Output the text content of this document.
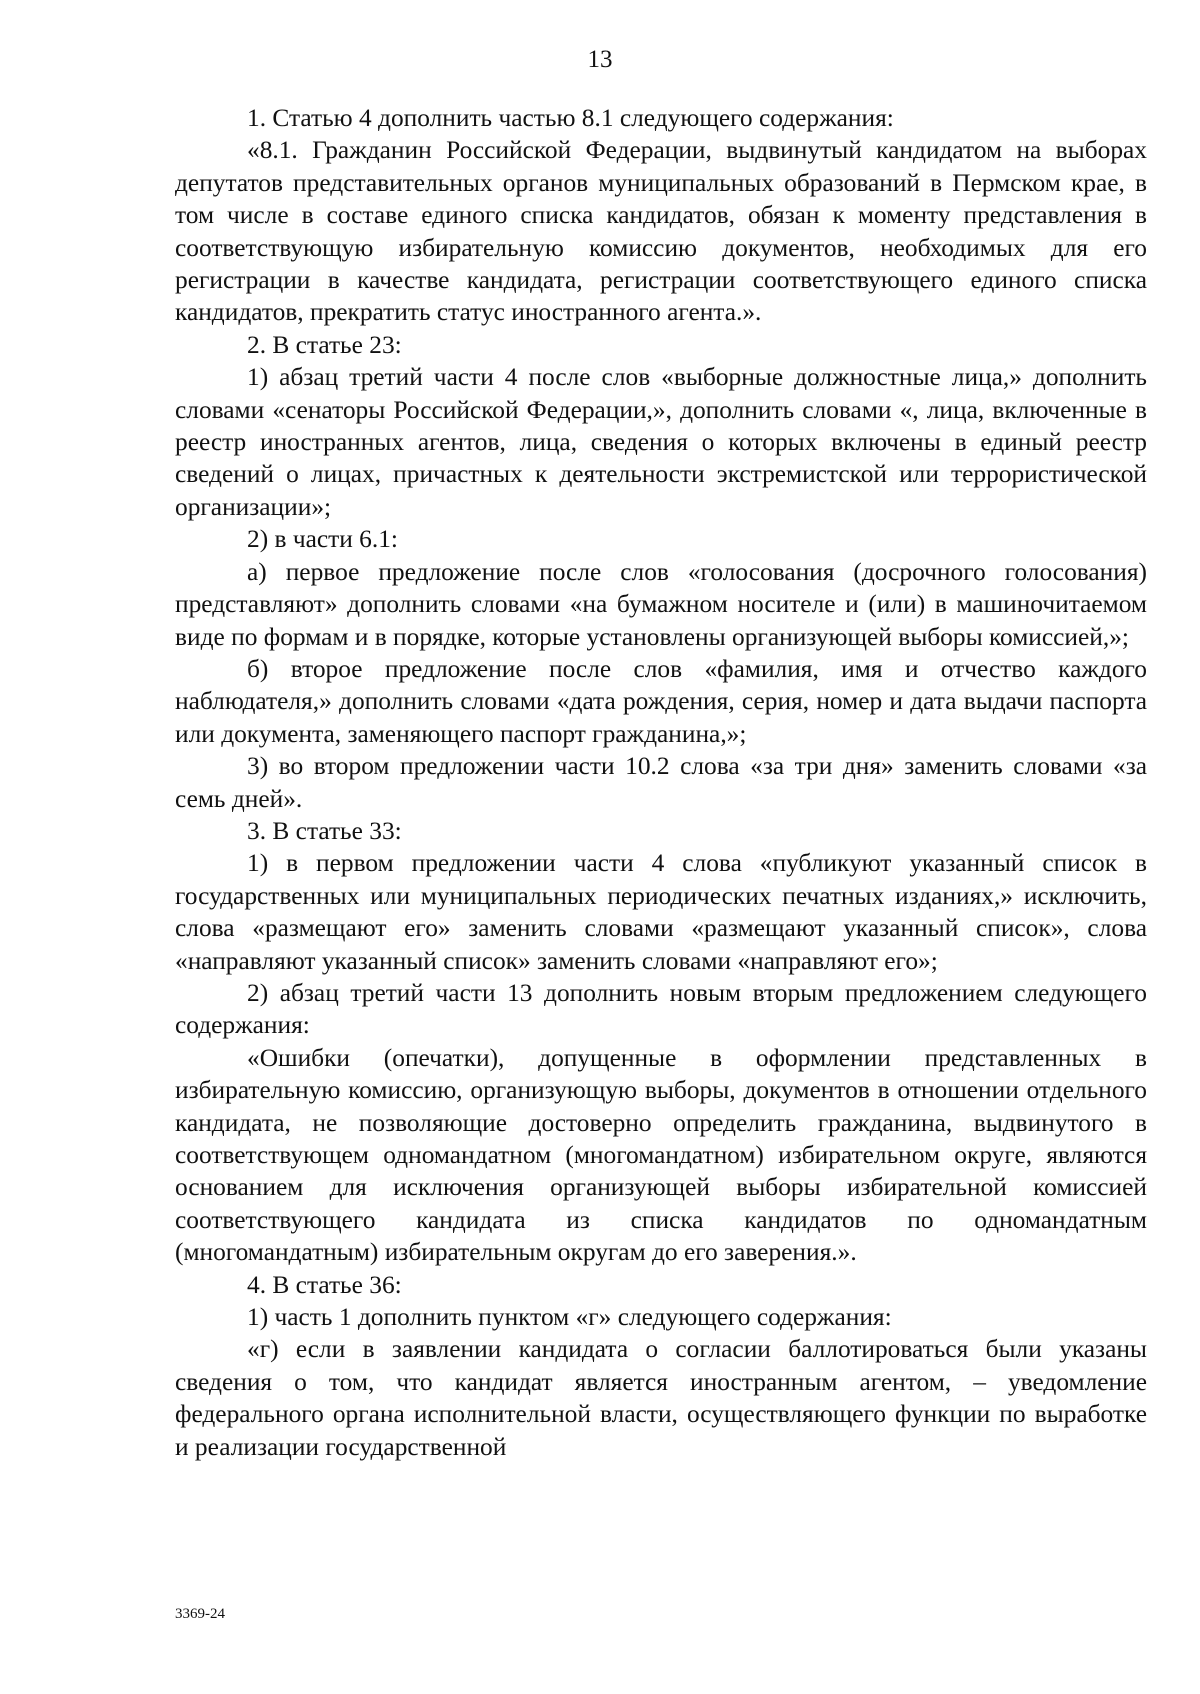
13

1. Статью 4 дополнить частью 8.1 следующего содержания:

«8.1. Гражданин Российской Федерации, выдвинутый кандидатом на выборах депутатов представительных органов муниципальных образований в Пермском крае, в том числе в составе единого списка кандидатов, обязан к моменту представления в соответствующую избирательную комиссию документов, необходимых для его регистрации в качестве кандидата, регистрации соответствующего единого списка кандидатов, прекратить статус иностранного агента.».

2. В статье 23:

1) абзац третий части 4 после слов «выборные должностные лица,» дополнить словами «сенаторы Российской Федерации,», дополнить словами «, лица, включенные в реестр иностранных агентов, лица, сведения о которых включены в единый реестр сведений о лицах, причастных к деятельности экстремистской или террористической организации»;

2) в части 6.1:

а) первое предложение после слов «голосования (досрочного голосования) представляют» дополнить словами «на бумажном носителе и (или) в машиночитаемом виде по формам и в порядке, которые установлены организующей выборы комиссией,»;

б) второе предложение после слов «фамилия, имя и отчество каждого наблюдателя,» дополнить словами «дата рождения, серия, номер и дата выдачи паспорта или документа, заменяющего паспорт гражданина,»;

3) во втором предложении части 10.2 слова «за три дня» заменить словами «за семь дней».

3. В статье 33:

1) в первом предложении части 4 слова «публикуют указанный список в государственных или муниципальных периодических печатных изданиях,» исключить, слова «размещают его» заменить словами «размещают указанный список», слова «направляют указанный список» заменить словами «направляют его»;

2) абзац третий части 13 дополнить новым вторым предложением следующего содержания:

«Ошибки (опечатки), допущенные в оформлении представленных в избирательную комиссию, организующую выборы, документов в отношении отдельного кандидата, не позволяющие достоверно определить гражданина, выдвинутого в соответствующем одномандатном (многомандатном) избирательном округе, являются основанием для исключения организующей выборы избирательной комиссией соответствующего кандидата из списка кандидатов по одномандатным (многомандатным) избирательным округам до его заверения.».

4. В статье 36:

1) часть 1 дополнить пунктом «г» следующего содержания:

«г) если в заявлении кандидата о согласии баллотироваться были указаны сведения о том, что кандидат является иностранным агентом, – уведомление федерального органа исполнительной власти, осуществляющего функции по выработке и реализации государственной

3369-24
